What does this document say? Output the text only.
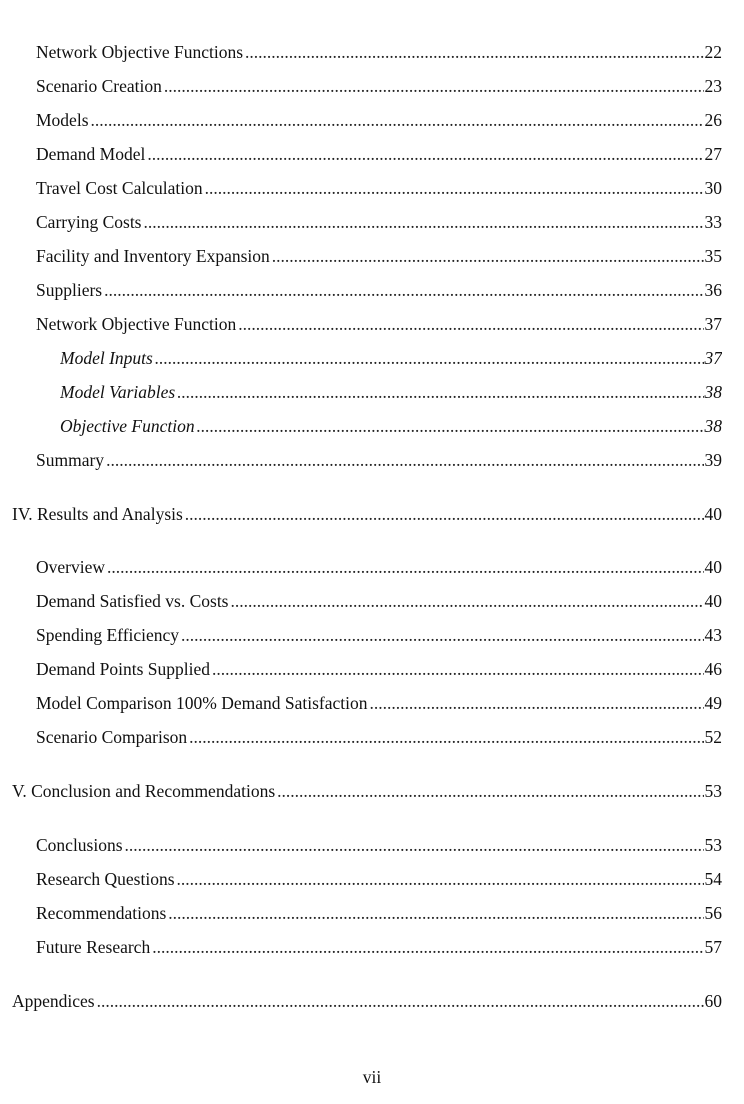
Network Objective Functions .....	22
Scenario Creation .....	23
Models .....	26
Demand Model .....	27
Travel Cost Calculation .....	30
Carrying Costs .....	33
Facility and Inventory Expansion .....	35
Suppliers .....	36
Network Objective Function .....	37
Model Inputs .....	37
Model Variables .....	38
Objective Function .....	38
Summary .....	39
IV. Results and Analysis .....	40
Overview .....	40
Demand Satisfied vs. Costs .....	40
Spending Efficiency .....	43
Demand Points Supplied .....	46
Model Comparison 100% Demand Satisfaction .....	49
Scenario Comparison .....	52
V. Conclusion and Recommendations .....	53
Conclusions .....	53
Research Questions .....	54
Recommendations .....	56
Future Research .....	57
Appendices .....	60
vii
